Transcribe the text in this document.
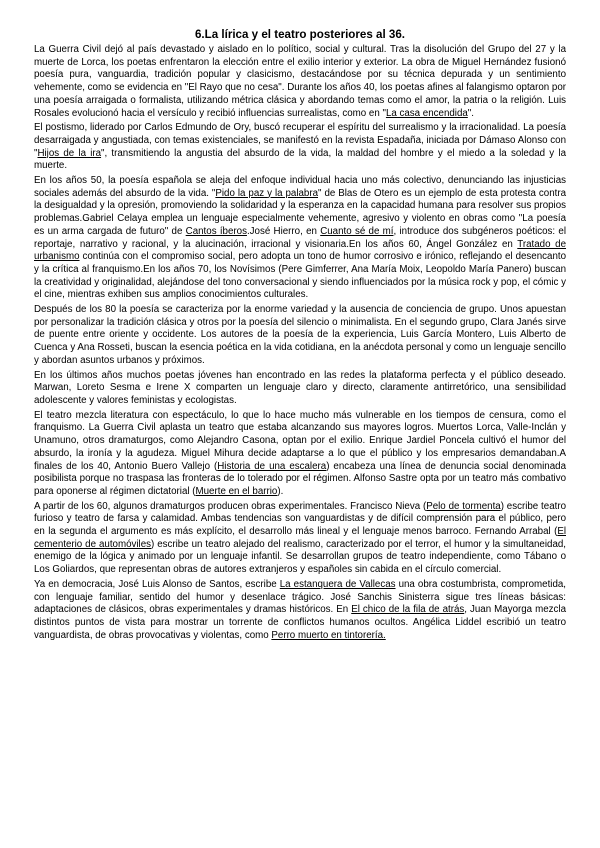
6.La lírica y el teatro posteriores al 36.

La Guerra Civil dejó al país devastado y aislado en lo político, social y cultural. Tras la disolución del Grupo del 27 y la muerte de Lorca, los poetas enfrentaron la elección entre el exilio interior y exterior. La obra de Miguel Hernández fusionó poesía pura, vanguardia, tradición popular y clasicismo, destacándose por su técnica depurada y un sentimiento vehemente, como se evidencia en "El Rayo que no cesa". Durante los años 40, los poetas afines al falangismo optaron por una poesía arraigada o formalista, utilizando métrica clásica y abordando temas como el amor, la patria o la religión. Luis Rosales evolucionó hacia el versículo y recibió influencias surrealistas, como en "La casa encendida".

El postismo, liderado por Carlos Edmundo de Ory, buscó recuperar el espíritu del surrealismo y la irracionalidad. La poesía desarraigada y angustiada, con temas existenciales, se manifestó en la revista Espadaña, iniciada por Dámaso Alonso con "Hijos de la ira", transmitiendo la angustia del absurdo de la vida, la maldad del hombre y el miedo a la soledad y la muerte.

En los años 50, la poesía española se aleja del enfoque individual hacia uno más colectivo, denunciando las injusticias sociales además del absurdo de la vida. "Pido la paz y la palabra" de Blas de Otero es un ejemplo de esta protesta contra la desigualdad y la opresión, promoviendo la solidaridad y la esperanza en la capacidad humana para resolver sus propios problemas.Gabriel Celaya emplea un lenguaje especialmente vehemente, agresivo y violento en obras como "La poesía es un arma cargada de futuro" de Cantos íberos.José Hierro, en Cuanto sé de mí, introduce dos subgéneros poéticos: el reportaje, narrativo y racional, y la alucinación, irracional y visionaria.En los años 60, Ángel González en Tratado de urbanismo continúa con el compromiso social, pero adopta un tono de humor corrosivo e irónico, reflejando el desencanto y la crítica al franquismo.En los años 70, los Novísimos (Pere Gimferrer, Ana María Moix, Leopoldo María Panero) buscan la creatividad y originalidad, alejándose del tono conversacional y siendo influenciados por la música rock y pop, el cómic y el cine, mientras exhiben sus amplios conocimientos culturales.

Después de los 80 la poesía se caracteriza por la enorme variedad y la ausencia de conciencia de grupo. Unos apuestan por personalizar la tradición clásica y otros por la poesía del silencio o minimalista. En el segundo grupo, Clara Janés sirve de puente entre oriente y occidente. Los autores de la poesía de la experiencia, Luis García Montero, Luis Alberto de Cuenca y Ana Rosseti, buscan la esencia poética en la vida cotidiana, en la anécdota personal y como un lenguaje sencillo y abordan asuntos urbanos y próximos.

En los últimos años muchos poetas jóvenes han encontrado en las redes la plataforma perfecta y el público deseado. Marwan, Loreto Sesma e Irene X comparten un lenguaje claro y directo, claramente antirretórico, una sensibilidad adolescente y valores feministas y ecologistas.

El teatro mezcla literatura con espectáculo, lo que lo hace mucho más vulnerable en los tiempos de censura, como el franquismo. La Guerra Civil aplasta un teatro que estaba alcanzando sus mayores logros. Muertos Lorca, Valle-Inclán y Unamuno, otros dramaturgos, como Alejandro Casona, optan por el exilio. Enrique Jardiel Poncela cultivó el humor del absurdo, la ironía y la agudeza. Miguel Mihura decide adaptarse a lo que el público y los empresarios demandaban.A finales de los 40, Antonio Buero Vallejo (Historia de una escalera) encabeza una línea de denuncia social denominada posibilista porque no traspasa las fronteras de lo tolerado por el régimen. Alfonso Sastre opta por un teatro más combativo para oponerse al régimen dictatorial (Muerte en el barrio).

A partir de los 60, algunos dramaturgos producen obras experimentales. Francisco Nieva (Pelo de tormenta) escribe teatro furioso y teatro de farsa y calamidad. Ambas tendencias son vanguardistas y de difícil comprensión para el público, pero en la segunda el argumento es más explícito, el desarrollo más lineal y el lenguaje menos barroco. Fernando Arrabal (El cementerio de automóviles) escribe un teatro alejado del realismo, caracterizado por el terror, el humor y la simultaneidad, enemigo de la lógica y animado por un lenguaje infantil. Se desarrollan grupos de teatro independiente, como Tábano o Los Goliardos, que representan obras de autores extranjeros y españoles sin cabida en el círculo comercial.

Ya en democracia, José Luis Alonso de Santos, escribe La estanquera de Vallecas una obra costumbrista, comprometida, con lenguaje familiar, sentido del humor y desenlace trágico. José Sanchis Sinisterra sigue tres líneas básicas: adaptaciones de clásicos, obras experimentales y dramas históricos. En El chico de la fila de atrás, Juan Mayorga mezcla distintos puntos de vista para mostrar un torrente de conflictos humanos ocultos. Angélica Liddel escribió un teatro vanguardista, de obras provocativas y violentas, como Perro muerto en tintorería.
